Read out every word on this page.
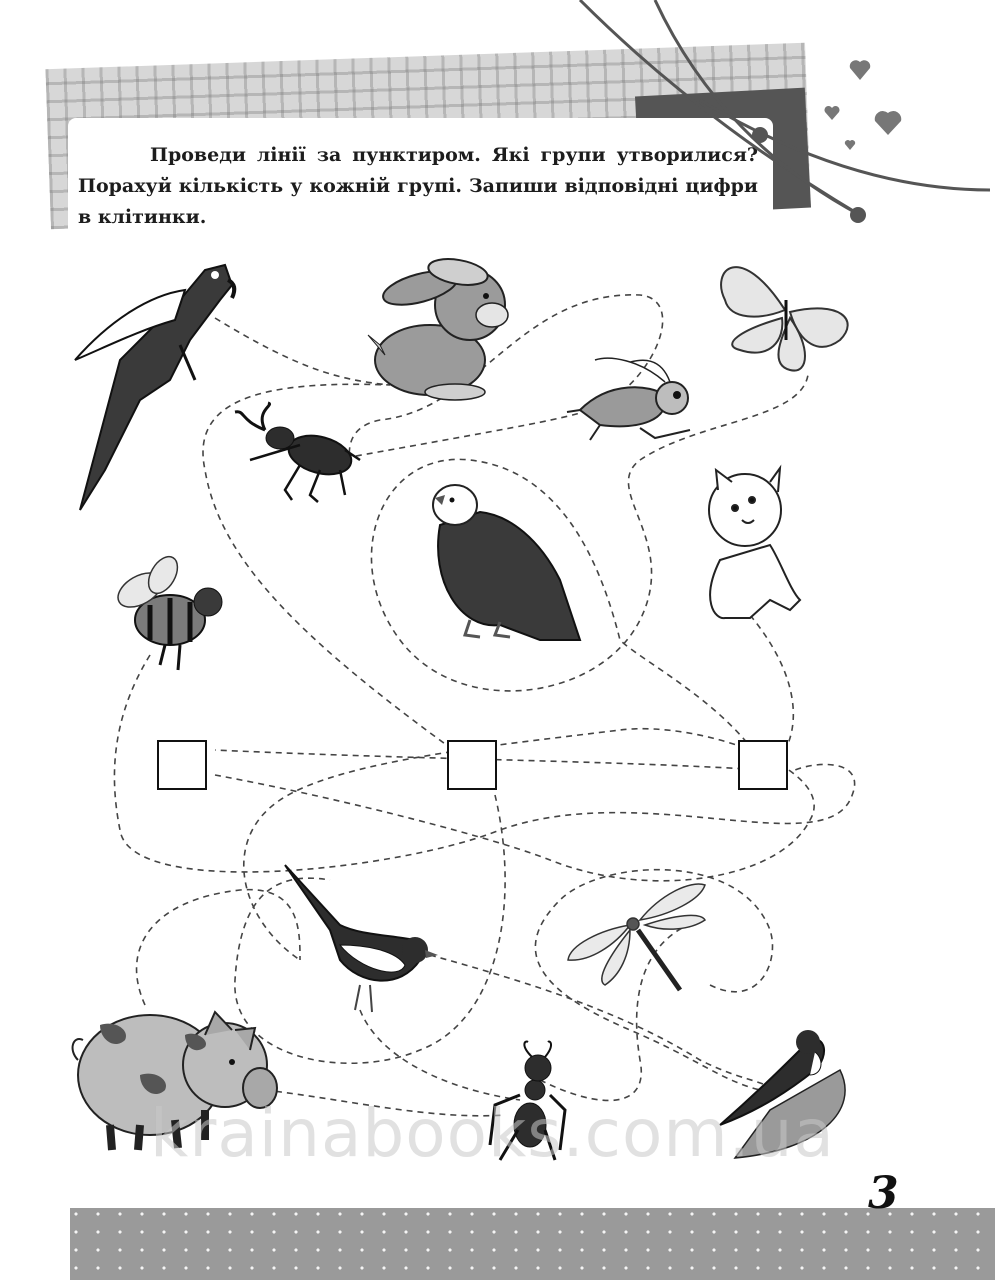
Проведи лінії за пунктиром. Які групи утворилися? Порахуй кількість у кожній групі. Запиши відповідні цифри в клітинки.

krainabooks.com.ua
3
